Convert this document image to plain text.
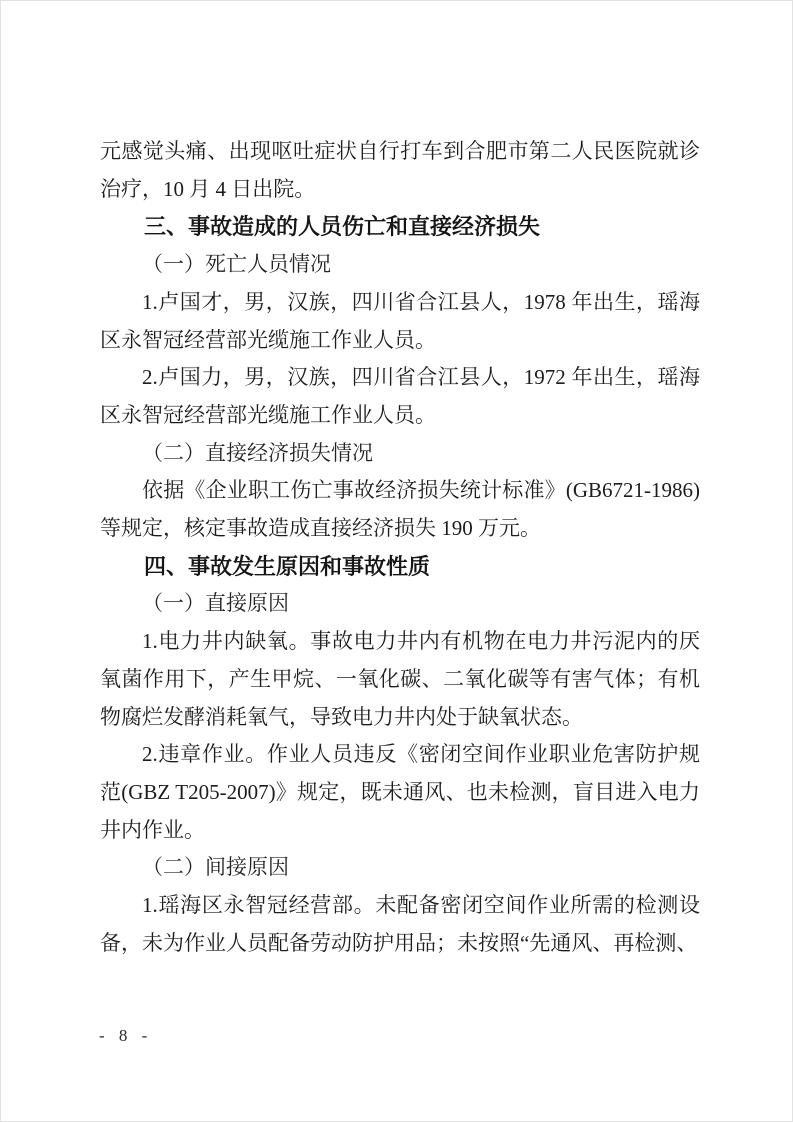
元感觉头痛、出现呕吐症状自行打车到合肥市第二人民医院就诊治疗，10 月 4 日出院。

三、事故造成的人员伤亡和直接经济损失

（一）死亡人员情况

1.卢国才，男，汉族，四川省合江县人，1978 年出生，瑶海区永智冠经营部光缆施工作业人员。

2.卢国力，男，汉族，四川省合江县人，1972 年出生，瑶海区永智冠经营部光缆施工作业人员。

（二）直接经济损失情况

依据《企业职工伤亡事故经济损失统计标准》(GB6721-1986)等规定，核定事故造成直接经济损失 190 万元。

四、事故发生原因和事故性质

（一）直接原因

1.电力井内缺氧。事故电力井内有机物在电力井污泥内的厌氧菌作用下，产生甲烷、一氧化碳、二氧化碳等有害气体；有机物腐烂发酵消耗氧气，导致电力井内处于缺氧状态。

2.违章作业。作业人员违反《密闭空间作业职业危害防护规范(GBZ T205-2007)》规定，既未通风、也未检测，盲目进入电力井内作业。

（二）间接原因

1.瑶海区永智冠经营部。未配备密闭空间作业所需的检测设备，未为作业人员配备劳动防护用品；未按照“先通风、再检测、

- 8 -
